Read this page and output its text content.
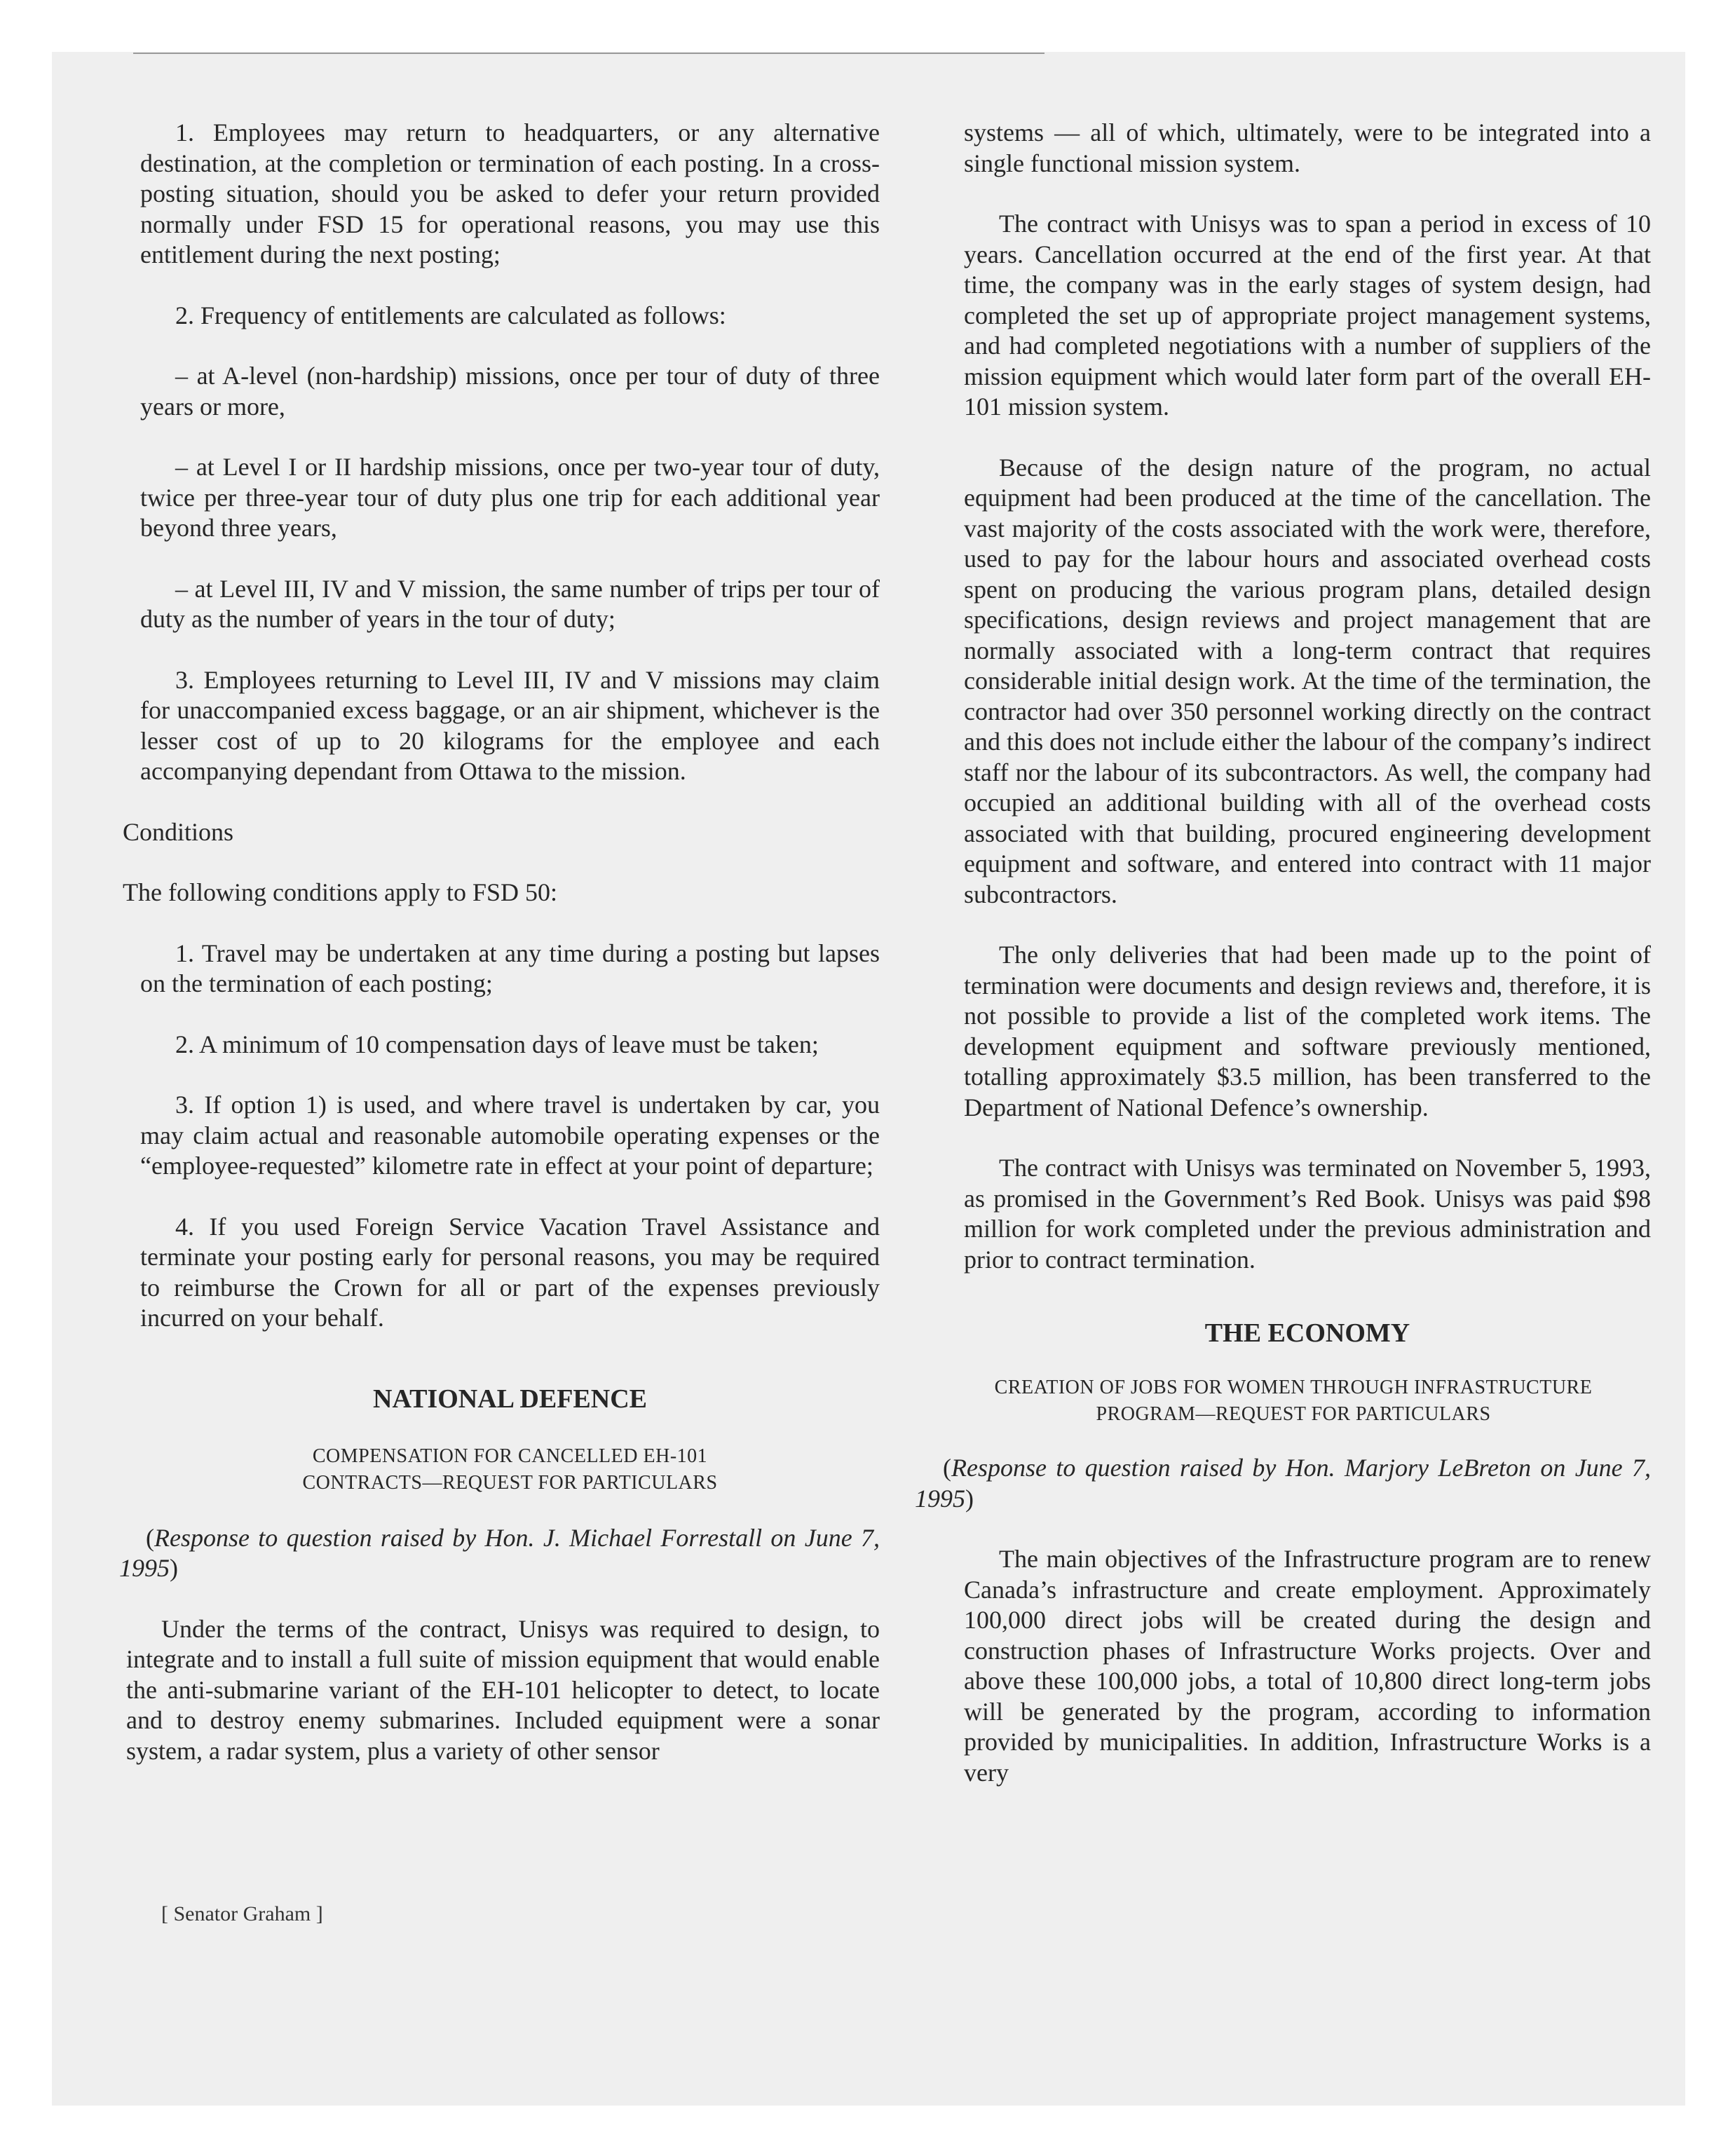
1. Employees may return to headquarters, or any alternative destination, at the completion or termination of each posting. In a cross-posting situation, should you be asked to defer your return provided normally under FSD 15 for operational reasons, you may use this entitlement during the next posting;

2. Frequency of entitlements are calculated as follows:

– at A-level (non-hardship) missions, once per tour of duty of three years or more,

– at Level I or II hardship missions, once per two-year tour of duty, twice per three-year tour of duty plus one trip for each additional year beyond three years,

– at Level III, IV and V mission, the same number of trips per tour of duty as the number of years in the tour of duty;

3. Employees returning to Level III, IV and V missions may claim for unaccompanied excess baggage, or an air shipment, whichever is the lesser cost of up to 20 kilograms for the employee and each accompanying dependant from Ottawa to the mission.

Conditions

The following conditions apply to FSD 50:

1. Travel may be undertaken at any time during a posting but lapses on the termination of each posting;

2. A minimum of 10 compensation days of leave must be taken;

3. If option 1) is used, and where travel is undertaken by car, you may claim actual and reasonable automobile operating expenses or the “employee-requested” kilometre rate in effect at your point of departure;

4. If you used Foreign Service Vacation Travel Assistance and terminate your posting early for personal reasons, you may be required to reimburse the Crown for all or part of the expenses previously incurred on your behalf.

NATIONAL DEFENCE
COMPENSATION FOR CANCELLED EH-101
CONTRACTS—REQUEST FOR PARTICULARS

(Response to question raised by Hon. J. Michael Forrestall on June 7, 1995)

Under the terms of the contract, Unisys was required to design, to integrate and to install a full suite of mission equipment that would enable the anti-submarine variant of the EH-101 helicopter to detect, to locate and to destroy enemy submarines. Included equipment were a sonar system, a radar system, plus a variety of other sensor

systems — all of which, ultimately, were to be integrated into a single functional mission system.

The contract with Unisys was to span a period in excess of 10 years. Cancellation occurred at the end of the first year. At that time, the company was in the early stages of system design, had completed the set up of appropriate project management systems, and had completed negotiations with a number of suppliers of the mission equipment which would later form part of the overall EH-101 mission system.

Because of the design nature of the program, no actual equipment had been produced at the time of the cancellation. The vast majority of the costs associated with the work were, therefore, used to pay for the labour hours and associated overhead costs spent on producing the various program plans, detailed design specifications, design reviews and project management that are normally associated with a long-term contract that requires considerable initial design work. At the time of the termination, the contractor had over 350 personnel working directly on the contract and this does not include either the labour of the company’s indirect staff nor the labour of its subcontractors. As well, the company had occupied an additional building with all of the overhead costs associated with that building, procured engineering development equipment and software, and entered into contract with 11 major subcontractors.

The only deliveries that had been made up to the point of termination were documents and design reviews and, therefore, it is not possible to provide a list of the completed work items. The development equipment and software previously mentioned, totalling approximately $3.5 million, has been transferred to the Department of National Defence’s ownership.

The contract with Unisys was terminated on November 5, 1993, as promised in the Government’s Red Book. Unisys was paid $98 million for work completed under the previous administration and prior to contract termination.

THE ECONOMY
CREATION OF JOBS FOR WOMEN THROUGH INFRASTRUCTURE
PROGRAM—REQUEST FOR PARTICULARS

(Response to question raised by Hon. Marjory LeBreton on June 7, 1995)

The main objectives of the Infrastructure program are to renew Canada’s infrastructure and create employment. Approximately 100,000 direct jobs will be created during the design and construction phases of Infrastructure Works projects. Over and above these 100,000 jobs, a total of 10,800 direct long-term jobs will be generated by the program, according to information provided by municipalities. In addition, Infrastructure Works is a very

[ Senator Graham ]
